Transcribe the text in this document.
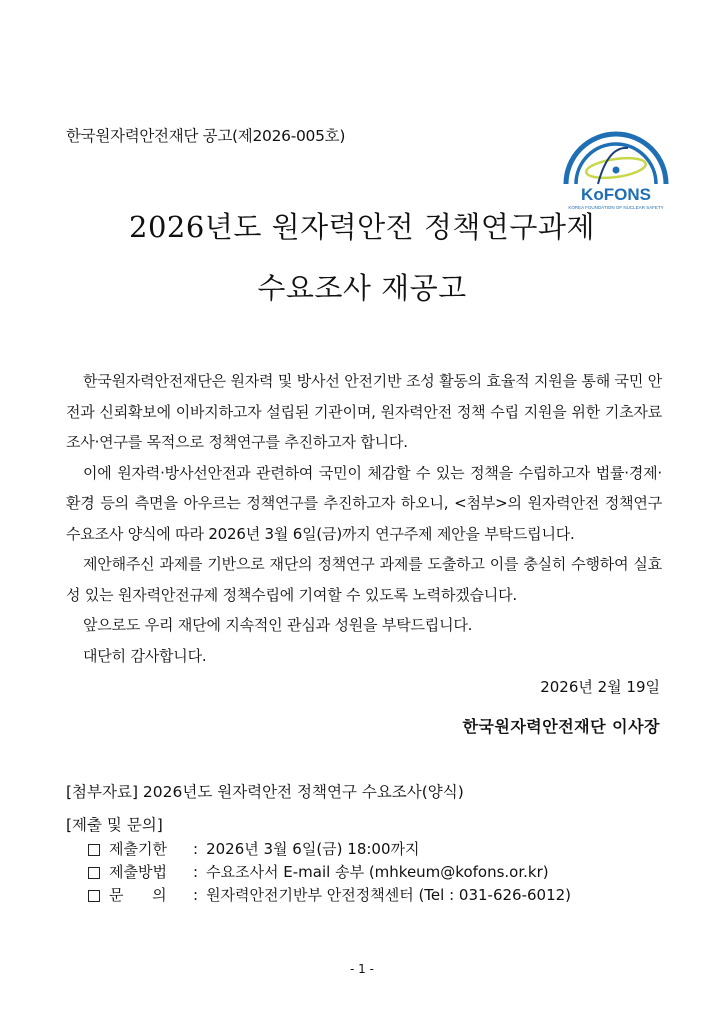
한국원자력안전재단 공고(제2026-005호)
KoFONS
KOREA FOUNDATION OF NUCLEAR SAFETY
2026년도 원자력안전 정책연구과제
수요조사 재공고

한국원자력안전재단은 원자력 및 방사선 안전기반 조성 활동의 효율적 지원을 통해 국민 안전과 신뢰확보에 이바지하고자 설립된 기관이며, 원자력안전 정책 수립 지원을 위한 기초자료 조사·연구를 목적으로 정책연구를 추진하고자 합니다.

이에 원자력·방사선안전과 관련하여 국민이 체감할 수 있는 정책을 수립하고자 법률·경제·환경 등의 측면을 아우르는 정책연구를 추진하고자 하오니, <첨부>의 원자력안전 정책연구 수요조사 양식에 따라 2026년 3월 6일(금)까지 연구주제 제안을 부탁드립니다.

제안해주신 과제를 기반으로 재단의 정책연구 과제를 도출하고 이를 충실히 수행하여 실효성 있는 원자력안전규제 정책수립에 기여할 수 있도록 노력하겠습니다.

앞으로도 우리 재단에 지속적인 관심과 성원을 부탁드립니다.

대단히 감사합니다.

2026년 2월 19일
한국원자력안전재단 이사장
[첨부자료] 2026년도 원자력안전 정책연구 수요조사(양식)
[제출 및 문의]
제출기한	: 2026년 3월 6일(금) 18:00까지
제출방법	: 수요조사서 E-mail 송부 (mhkeum@kofons.or.kr)
문      의	: 원자력안전기반부 안전정책센터 (Tel : 031-626-6012)
- 1 -
